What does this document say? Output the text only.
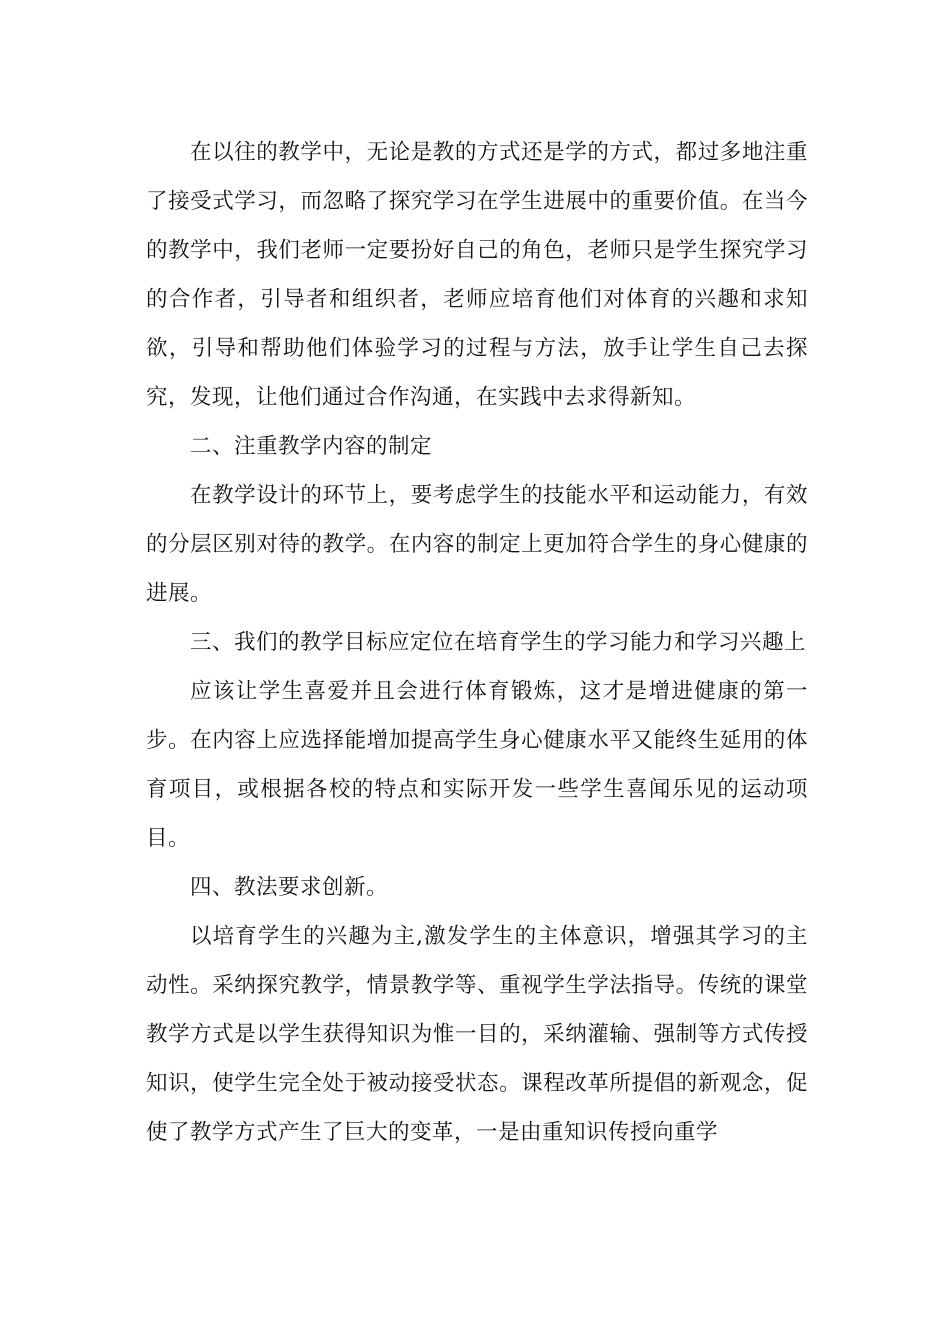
在以往的教学中，无论是教的方式还是学的方式，都过多地注重了接受式学习，而忽略了探究学习在学生进展中的重要价值。在当今的教学中，我们老师一定要扮好自己的角色，老师只是学生探究学习的合作者，引导者和组织者，老师应培育他们对体育的兴趣和求知欲，引导和帮助他们体验学习的过程与方法，放手让学生自己去探究，发现，让他们通过合作沟通，在实践中去求得新知。

二、注重教学内容的制定

在教学设计的环节上，要考虑学生的技能水平和运动能力，有效的分层区别对待的教学。在内容的制定上更加符合学生的身心健康的进展。

三、我们的教学目标应定位在培育学生的学习能力和学习兴趣上

应该让学生喜爱并且会进行体育锻炼，这才是增进健康的第一步。在内容上应选择能增加提高学生身心健康水平又能终生延用的体育项目，或根据各校的特点和实际开发一些学生喜闻乐见的运动项目。

四、教法要求创新。

以培育学生的兴趣为主,激发学生的主体意识，增强其学习的主动性。采纳探究教学，情景教学等、重视学生学法指导。传统的课堂教学方式是以学生获得知识为惟一目的，采纳灌输、强制等方式传授知识，使学生完全处于被动接受状态。课程改革所提倡的新观念，促使了教学方式产生了巨大的变革，一是由重知识传授向重学
